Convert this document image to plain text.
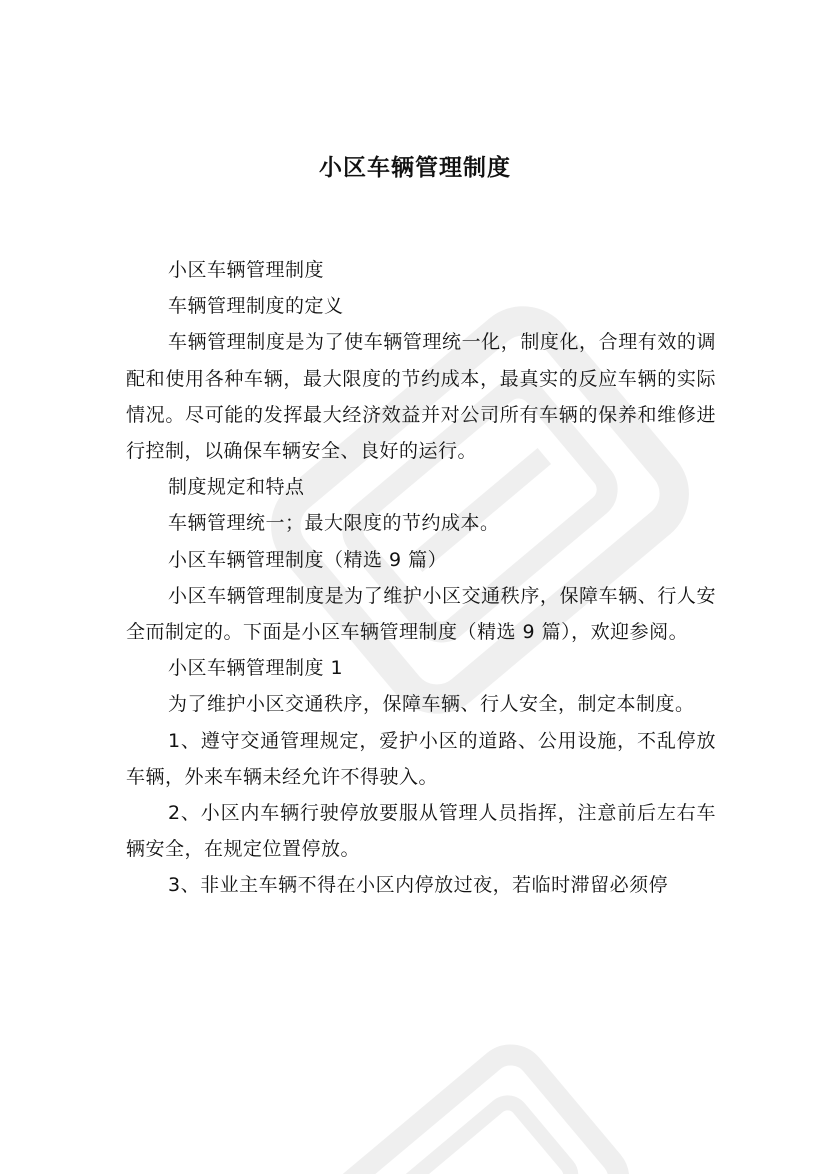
小区车辆管理制度

小区车辆管理制度

车辆管理制度的定义

车辆管理制度是为了使车辆管理统一化，制度化，合理有效的调配和使用各种车辆，最大限度的节约成本，最真实的反应车辆的实际情况。尽可能的发挥最大经济效益并对公司所有车辆的保养和维修进行控制，以确保车辆安全、良好的运行。

制度规定和特点

车辆管理统一；最大限度的节约成本。

小区车辆管理制度（精选 9 篇）

小区车辆管理制度是为了维护小区交通秩序，保障车辆、行人安全而制定的。下面是小区车辆管理制度（精选 9 篇），欢迎参阅。

小区车辆管理制度 1

为了维护小区交通秩序，保障车辆、行人安全，制定本制度。

1、遵守交通管理规定，爱护小区的道路、公用设施，不乱停放车辆，外来车辆未经允许不得驶入。

2、小区内车辆行驶停放要服从管理人员指挥，注意前后左右车辆安全，在规定位置停放。

3、非业主车辆不得在小区内停放过夜，若临时滞留必须停
